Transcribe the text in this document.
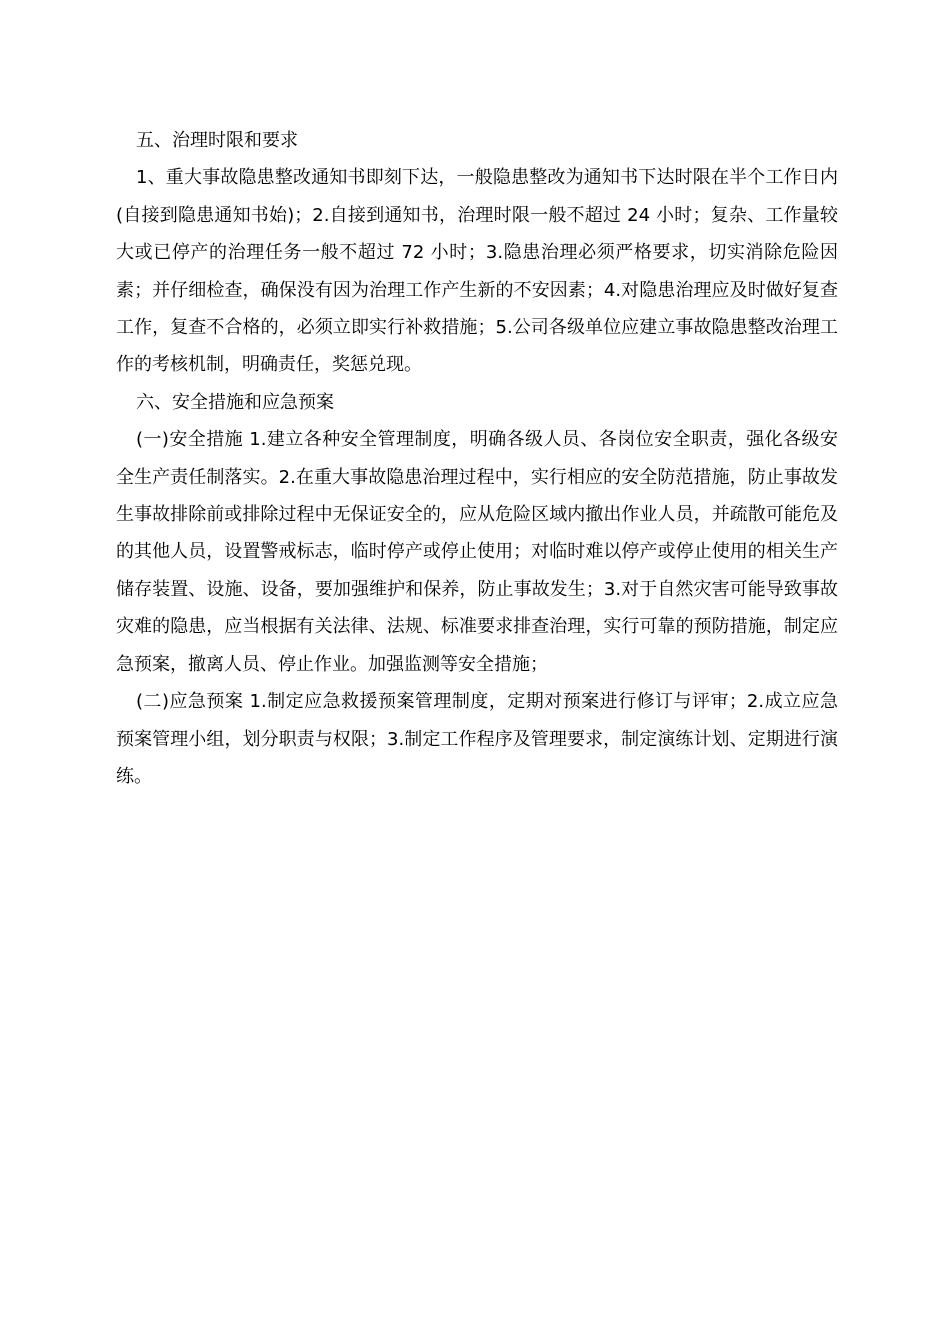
五、治理时限和要求

1、重大事故隐患整改通知书即刻下达，一般隐患整改为通知书下达时限在半个工作日内(自接到隐患通知书始)；2.自接到通知书，治理时限一般不超过 24 小时；复杂、工作量较大或已停产的治理任务一般不超过 72 小时；3.隐患治理必须严格要求，切实消除危险因素；并仔细检查，确保没有因为治理工作产生新的不安因素；4.对隐患治理应及时做好复查工作，复查不合格的，必须立即实行补救措施；5.公司各级单位应建立事故隐患整改治理工作的考核机制，明确责任，奖惩兑现。

六、安全措施和应急预案

(一)安全措施 1.建立各种安全管理制度，明确各级人员、各岗位安全职责，强化各级安全生产责任制落实。2.在重大事故隐患治理过程中，实行相应的安全防范措施，防止事故发生事故排除前或排除过程中无保证安全的，应从危险区域内撤出作业人员，并疏散可能危及的其他人员，设置警戒标志，临时停产或停止使用；对临时难以停产或停止使用的相关生产储存装置、设施、设备，要加强维护和保养，防止事故发生；3.对于自然灾害可能导致事故灾难的隐患，应当根据有关法律、法规、标准要求排查治理，实行可靠的预防措施，制定应急预案，撤离人员、停止作业。加强监测等安全措施；

(二)应急预案 1.制定应急救援预案管理制度，定期对预案进行修订与评审；2.成立应急预案管理小组，划分职责与权限；3.制定工作程序及管理要求，制定演练计划、定期进行演练。
